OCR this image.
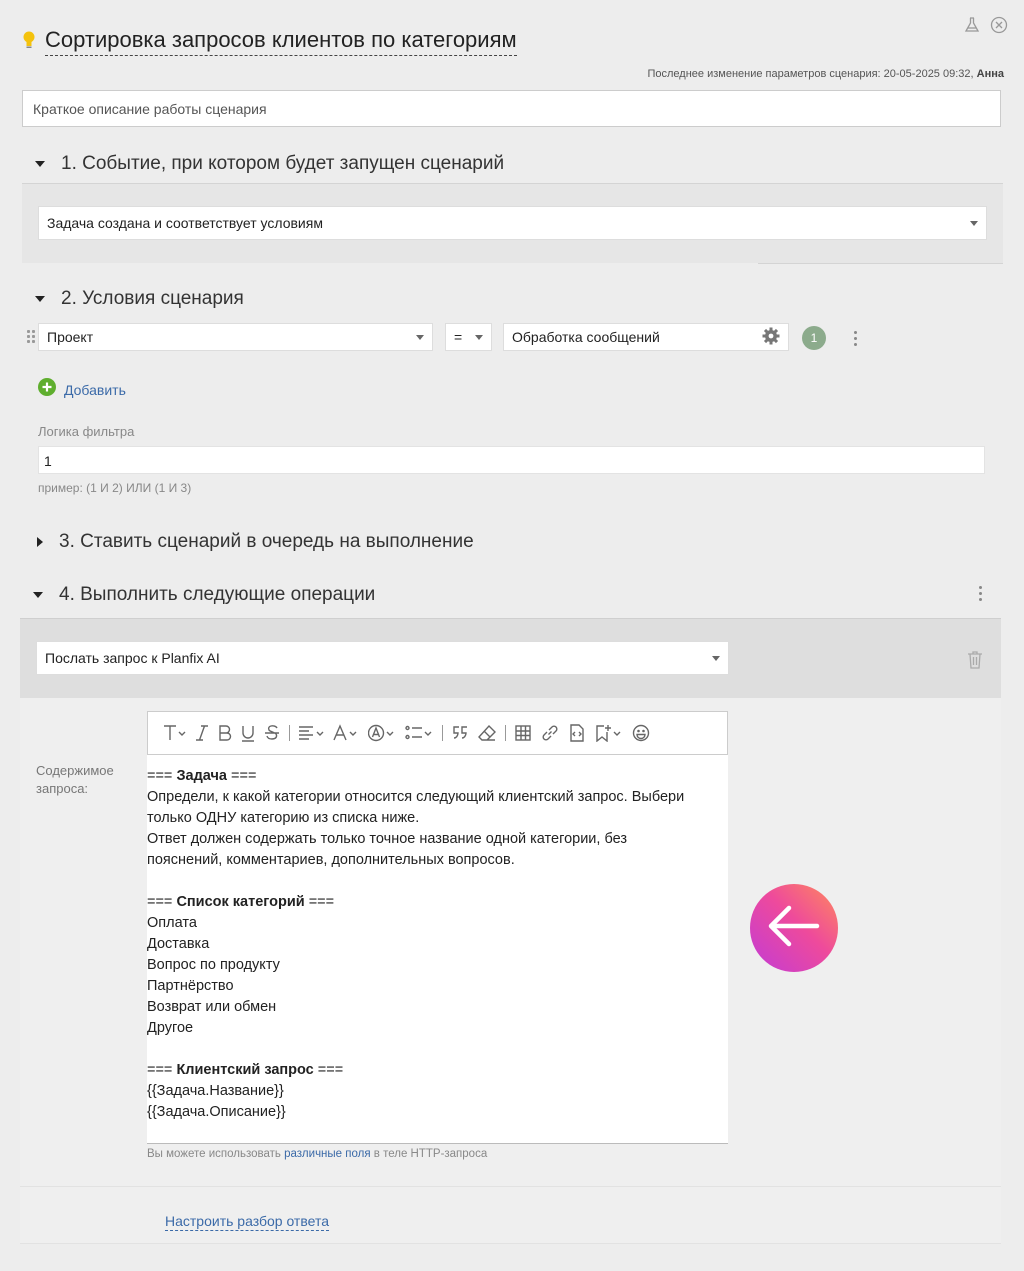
Сортировка запросов клиентов по категориям
Последнее изменение параметров сценария: 20-05-2025 09:32, Анна
Краткое описание работы сценария
1. Событие, при котором будет запущен сценарий
Задача создана и соответствует условиям
2. Условия сценария
Проект	=	Обработка сообщений	1
Добавить
Логика фильтра
1
пример: (1 И 2) ИЛИ (1 И 3)
3. Ставить сценарий в очередь на выполнение
4. Выполнить следующие операции
Послать запрос к Planfix AI
Содержимое
запроса:
=== Задача ===
Определи, к какой категории относится следующий клиентский запрос. Выбери
только ОДНУ категорию из списка ниже.
Ответ должен содержать только точное название одной категории, без
пояснений, комментариев, дополнительных вопросов.
=== Список категорий ===
Оплата
Доставка
Вопрос по продукту
Партнёрство
Возврат или обмен
Другое
=== Клиентский запрос ===
{{Задача.Название}}
{{Задача.Описание}}
Вы можете использовать различные поля в теле HTTP-запроса
Настроить разбор ответа
